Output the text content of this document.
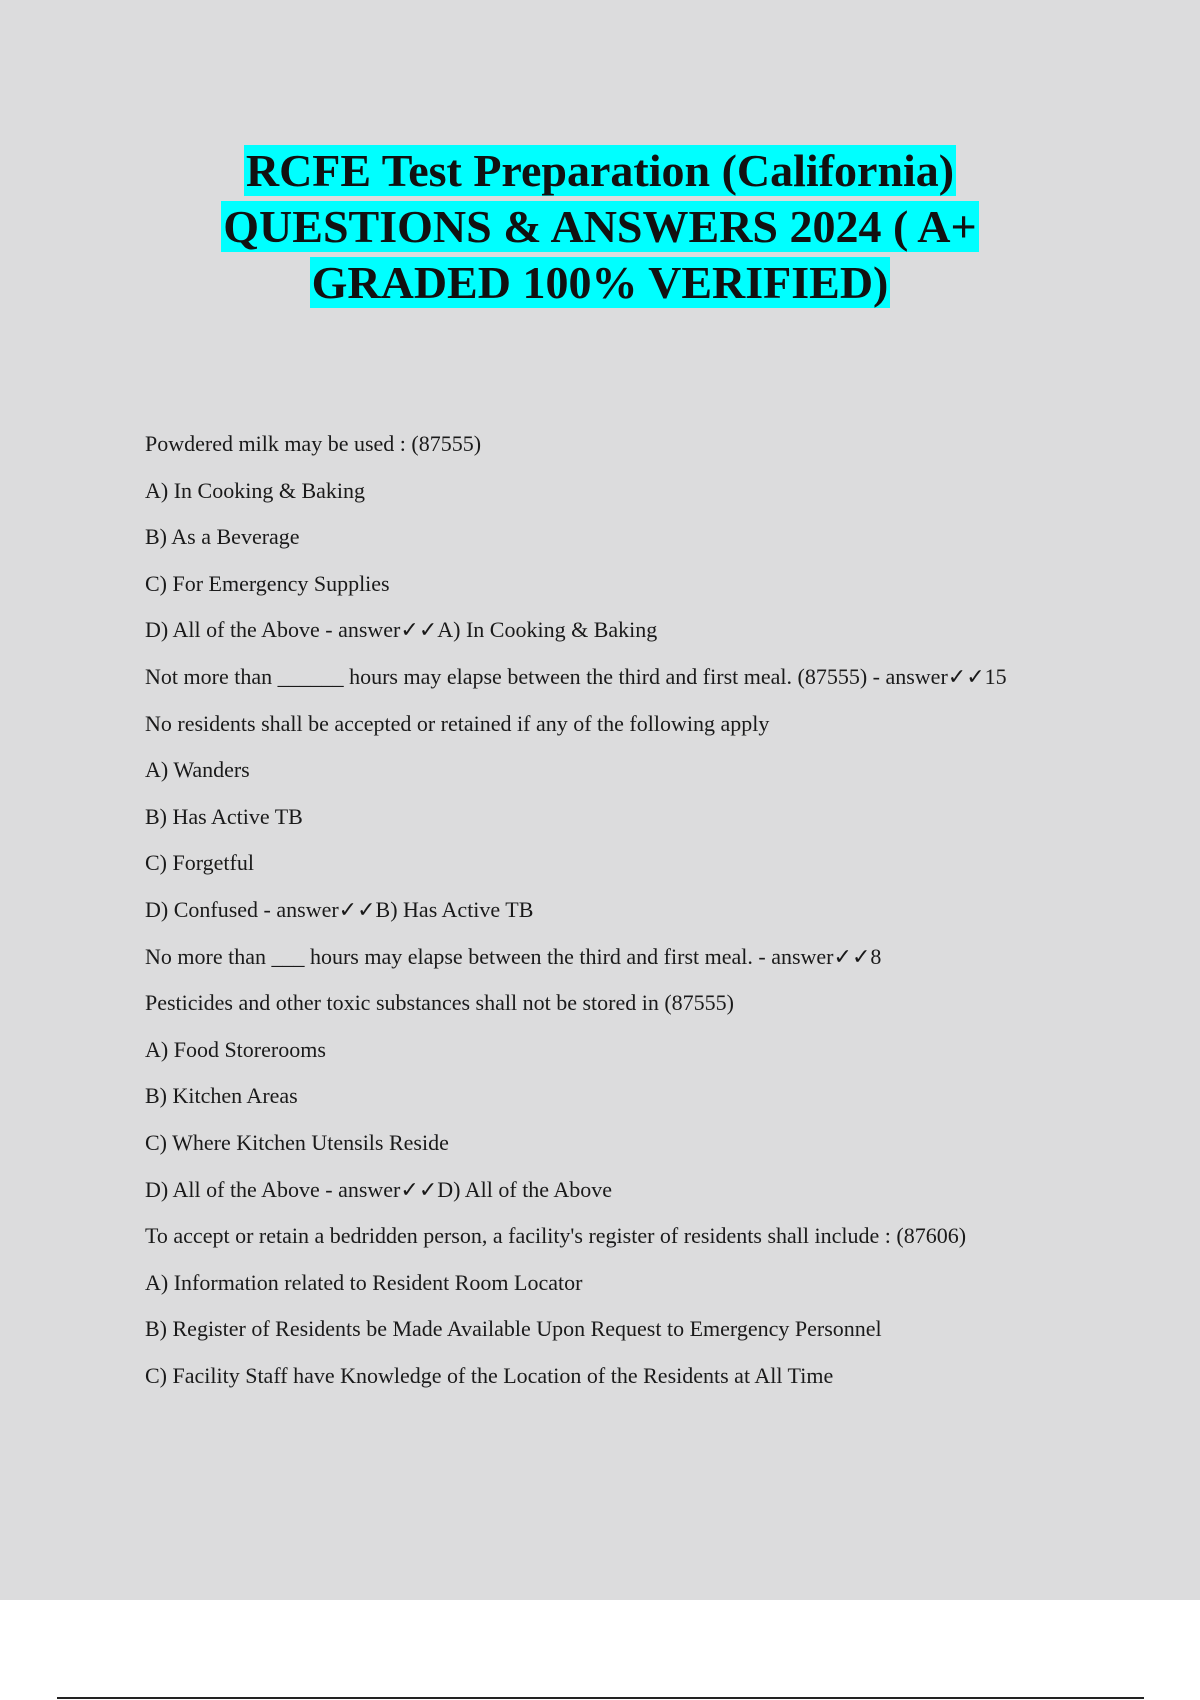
RCFE Test Preparation (California)
QUESTIONS & ANSWERS 2024 ( A+
GRADED 100% VERIFIED)

Powdered milk may be used : (87555)

A) In Cooking & Baking

B) As a Beverage

C) For Emergency Supplies

D) All of the Above - answer✓✓A) In Cooking & Baking

Not more than ______ hours may elapse between the third and first meal. (87555) - answer✓✓15

No residents shall be accepted or retained if any of the following apply

A) Wanders

B) Has Active TB

C) Forgetful

D) Confused - answer✓✓B) Has Active TB

No more than ___ hours may elapse between the third and first meal. - answer✓✓8

Pesticides and other toxic substances shall not be stored in (87555)

A) Food Storerooms

B) Kitchen Areas

C) Where Kitchen Utensils Reside

D) All of the Above - answer✓✓D) All of the Above

To accept or retain a bedridden person, a facility's register of residents shall include : (87606)

A) Information related to Resident Room Locator

B) Register of Residents be Made Available Upon Request to Emergency Personnel

C) Facility Staff have Knowledge of the Location of the Residents at All Time
